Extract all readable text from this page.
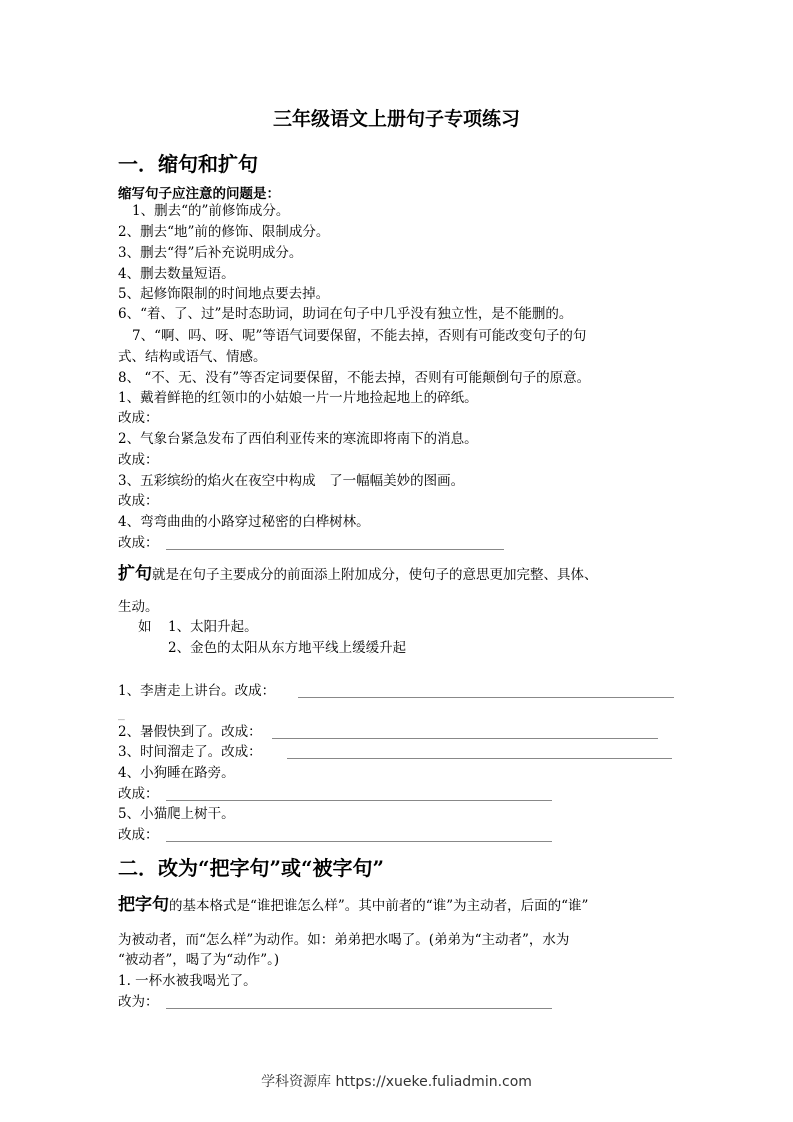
三年级语文上册句子专项练习
一．缩句和扩句
缩写句子应注意的问题是：
1、删去“的”前修饰成分。
2、删去“地”前的修饰、限制成分。
3、删去“得”后补充说明成分。
4、删去数量短语。
5、起修饰限制的时间地点要去掉。
6、“着、了、过”是时态助词，助词在句子中几乎没有独立性，是不能删的。
7、“啊、吗、呀、呢”等语气词要保留，不能去掉，否则有可能改变句子的句
式、结构或语气、情感。
8、 “不、无、没有”等否定词要保留，不能去掉，否则有可能颠倒句子的原意。
1、戴着鲜艳的红领巾的小姑娘一片一片地捡起地上的碎纸。
改成：
2、气象台紧急发布了西伯利亚传来的寒流即将南下的消息。
改成：
3、五彩缤纷的焰火在夜空中构成　了一幅幅美妙的图画。
改成：
4、弯弯曲曲的小路穿过秘密的白桦树林。
改成：
扩句就是在句子主要成分的前面添上附加成分，使句子的意思更加完整、具体、
生动。
如 1、太阳升起。
2、金色的太阳从东方地平线上缓缓升起
1、李唐走上讲台。改成：
_
2、暑假快到了。改成：
3、时间溜走了。改成：
4、小狗睡在路旁。
改成：
5、小猫爬上树干。
改成：
二．改为“把字句”或“被字句”
把字句的基本格式是“谁把谁怎么样”。其中前者的“谁”为主动者，后面的“谁”
为被动者，而“怎么样”为动作。如：弟弟把水喝了。(弟弟为“主动者”，水为
“被动者”，喝了为“动作”。)
1. 一杯水被我喝光了。
改为：
学科资源库 https://xueke.fuliadmin.com
